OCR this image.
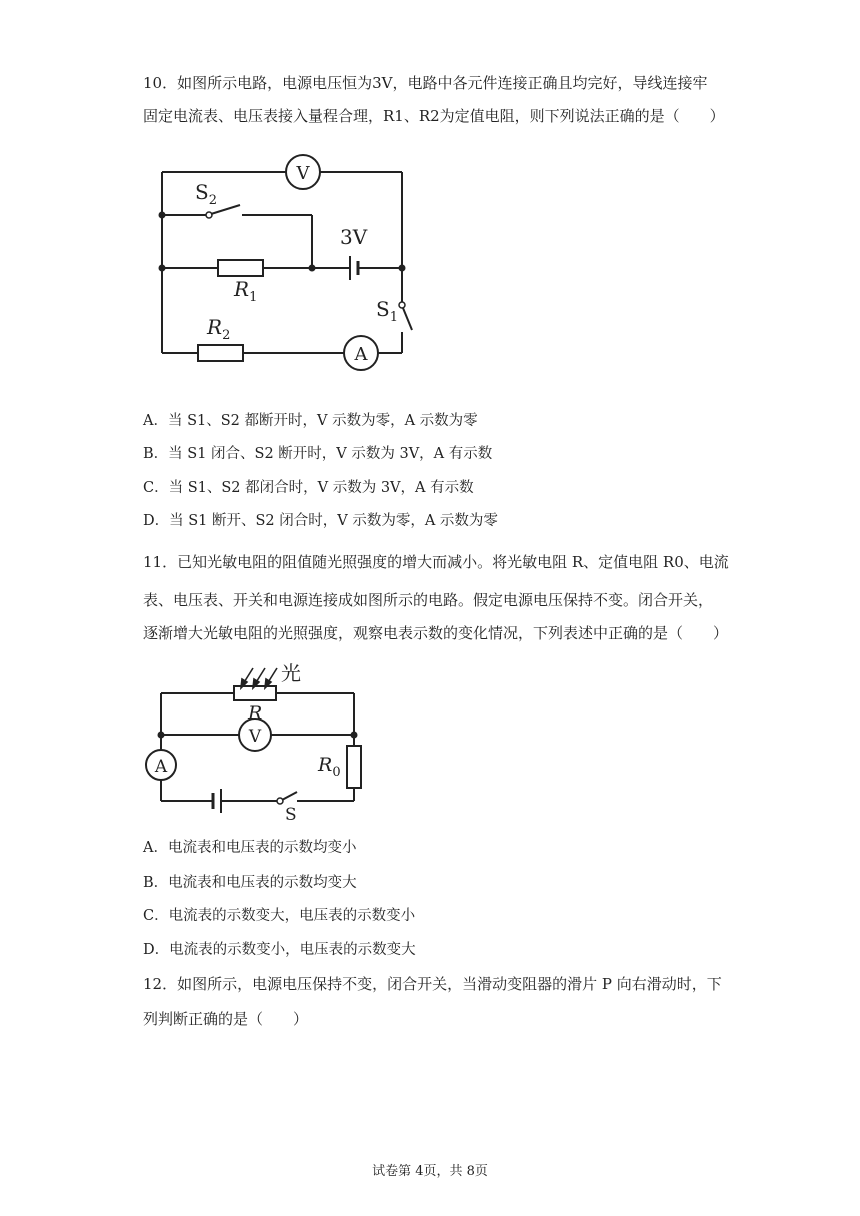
10．如图所示电路，电源电压恒为3V，电路中各元件连接正确且均完好，导线连接牢
固定电流表、电压表接入量程合理，R1、R2为定值电阻，则下列说法正确的是（　　）
V
$S_2$
$R_1$
3V
$S_1$
A
$R_2$
A．当 S1、S2 都断开时，V 示数为零，A 示数为零
B．当 S1 闭合、S2 断开时，V 示数为 3V，A 有示数
C．当 S1、S2 都闭合时，V 示数为 3V，A 有示数
D．当 S1 断开、S2 闭合时，V 示数为零，A 示数为零
11．已知光敏电阻的阻值随光照强度的增大而减小。将光敏电阻 R、定值电阻 R0、电流
表、电压表、开关和电源连接成如图所示的电路。假定电源电压保持不变。闭合开关，
逐渐增大光敏电阻的光照强度，观察电表示数的变化情况，下列表述中正确的是（　　）
光
R
V
A	$R_0$
S
A．电流表和电压表的示数均变小
B．电流表和电压表的示数均变大
C．电流表的示数变大，电压表的示数变小
D．电流表的示数变小，电压表的示数变大
12．如图所示，电源电压保持不变，闭合开关，当滑动变阻器的滑片 P 向右滑动时，下
列判断正确的是（　　）
试卷第 4页，共 8页
